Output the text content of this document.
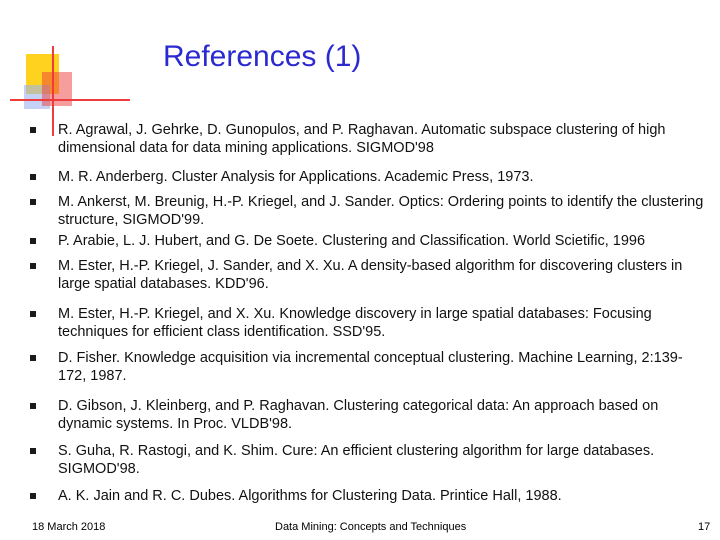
References (1)
R. Agrawal, J. Gehrke, D. Gunopulos, and P. Raghavan. Automatic subspace clustering of high dimensional data for data mining applications. SIGMOD'98
M. R. Anderberg. Cluster Analysis for Applications. Academic Press, 1973.
M. Ankerst, M. Breunig, H.-P. Kriegel, and J. Sander. Optics: Ordering points to identify the clustering structure, SIGMOD'99.
P. Arabie, L. J. Hubert, and G. De Soete. Clustering and Classification. World Scietific, 1996
M. Ester, H.-P. Kriegel, J. Sander, and X. Xu. A density-based algorithm for discovering clusters in large spatial databases. KDD'96.
M. Ester, H.-P. Kriegel, and X. Xu. Knowledge discovery in large spatial databases: Focusing techniques for efficient class identification. SSD'95.
D. Fisher. Knowledge acquisition via incremental conceptual clustering. Machine Learning, 2:139-172, 1987.
D. Gibson, J. Kleinberg, and P. Raghavan. Clustering categorical data: An approach based on dynamic systems. In Proc. VLDB'98.
S. Guha, R. Rastogi, and K. Shim. Cure: An efficient clustering algorithm for large databases. SIGMOD'98.
A. K. Jain and R. C. Dubes. Algorithms for Clustering Data. Printice Hall, 1988.
18 March 2018	Data Mining: Concepts and Techniques	17
